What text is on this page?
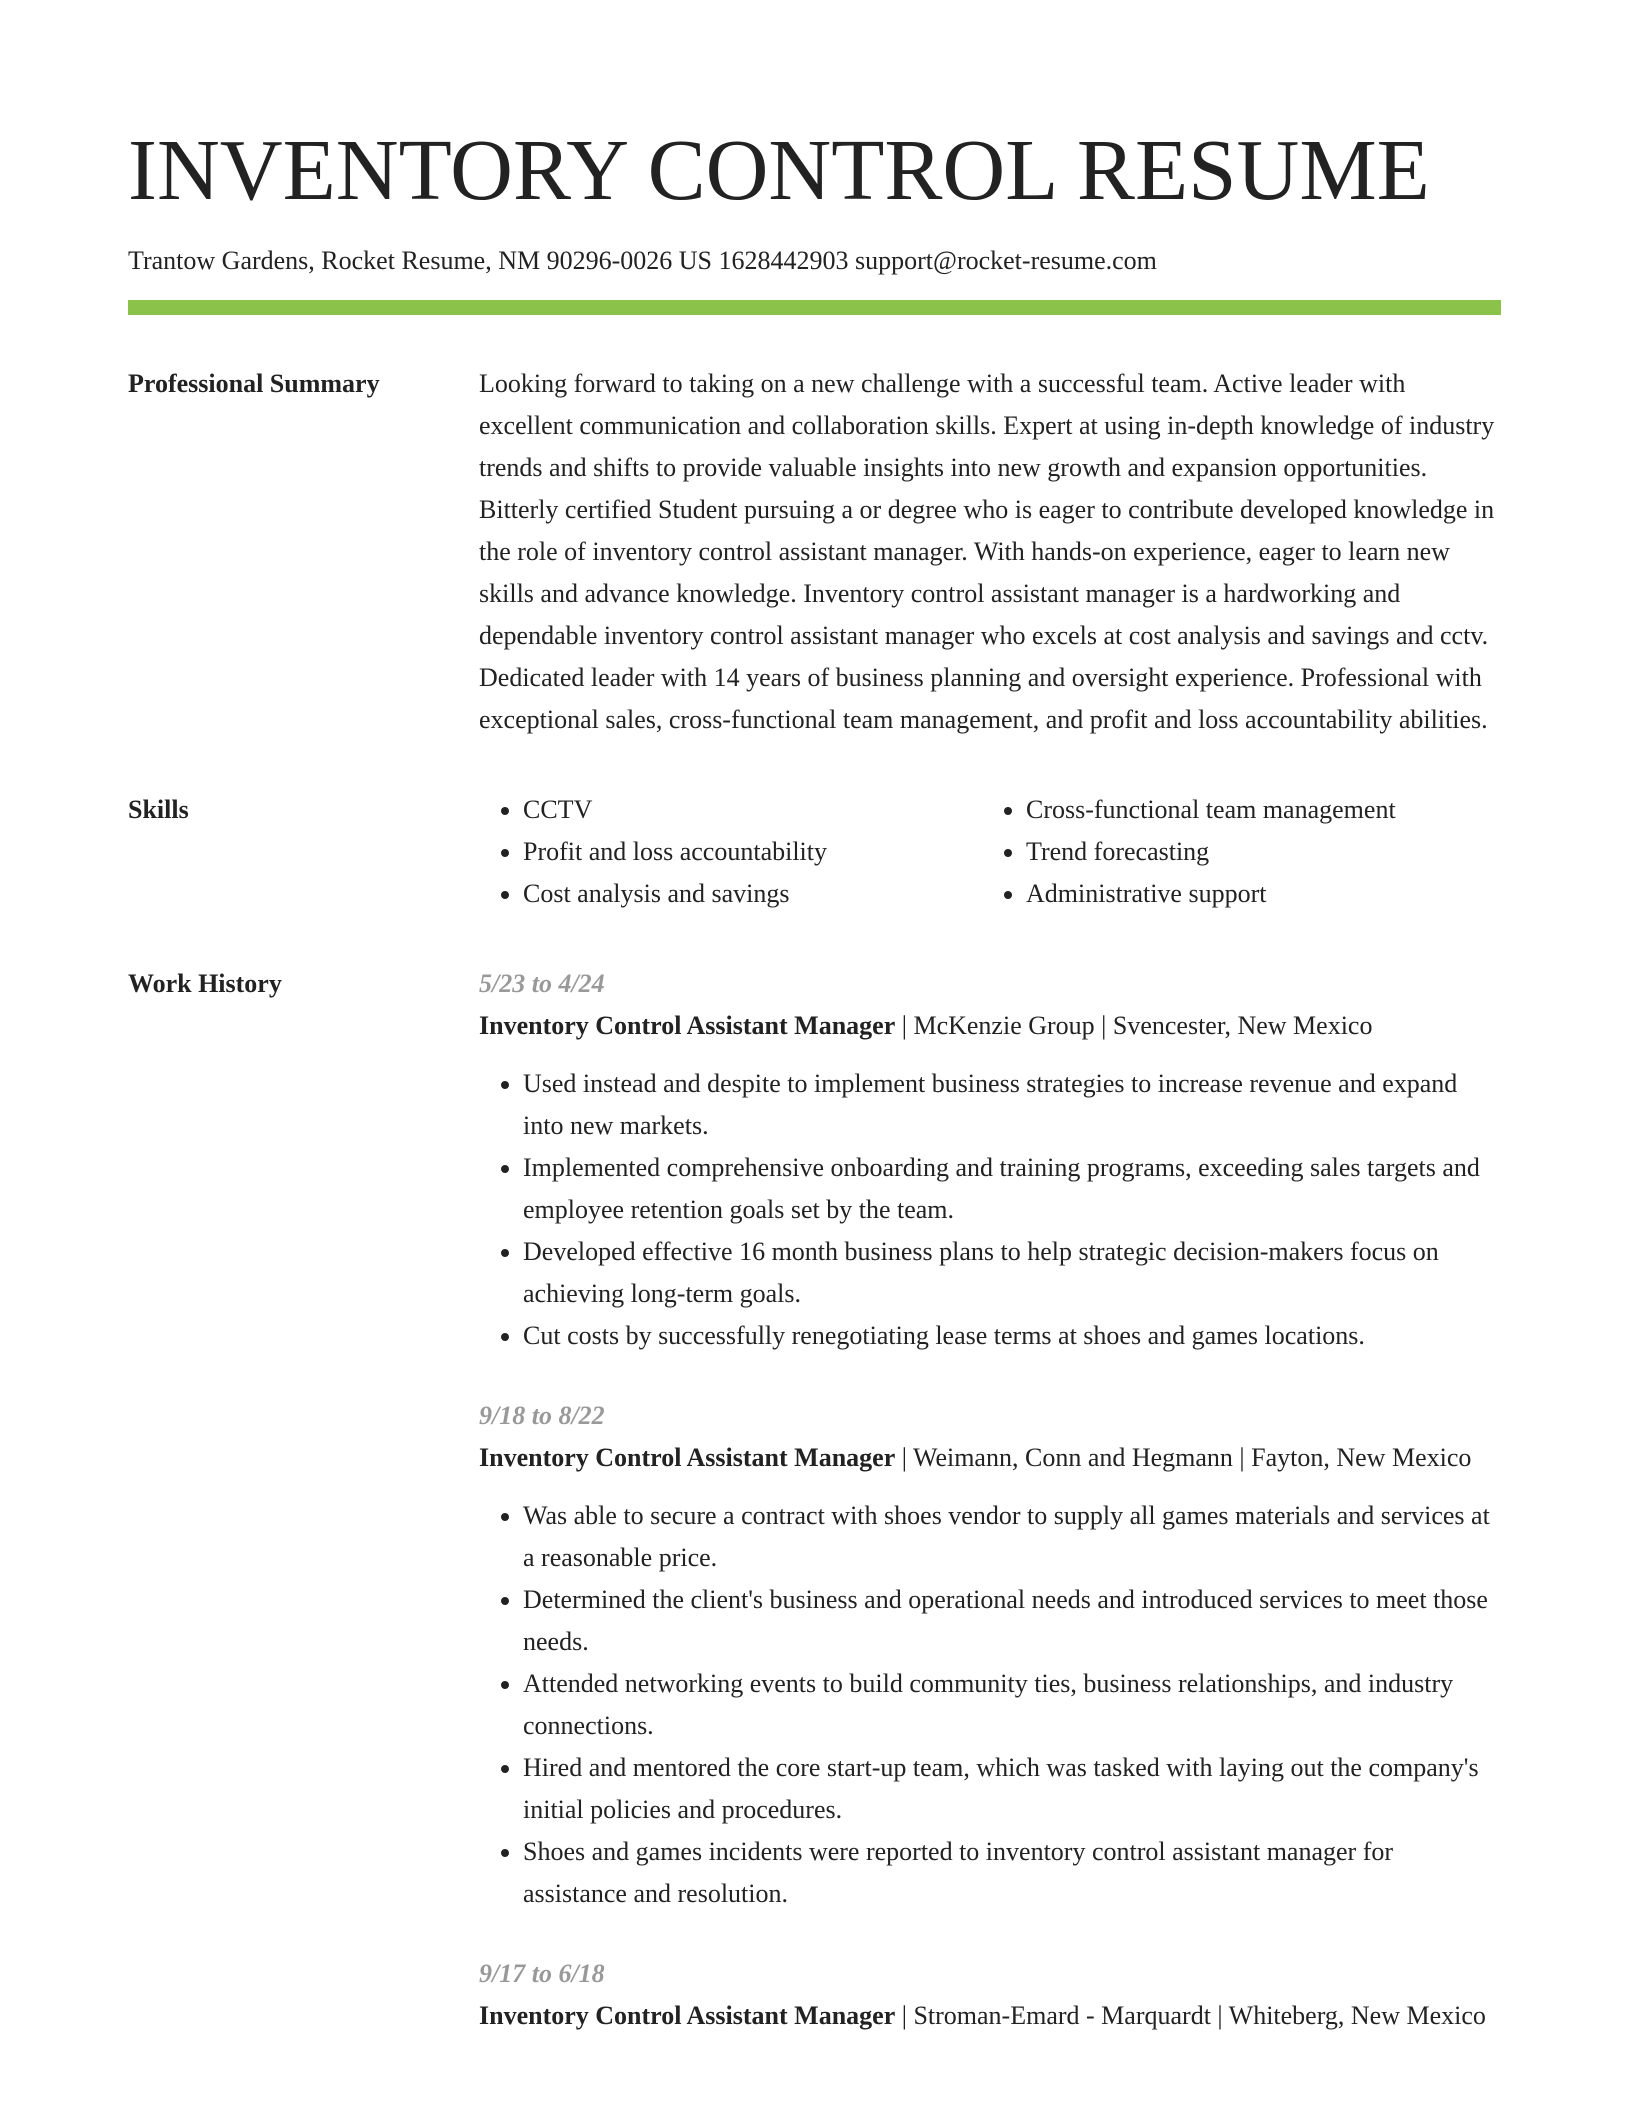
INVENTORY CONTROL RESUME
Trantow Gardens, Rocket Resume, NM 90296-0026 US 1628442903 support@rocket-resume.com
Professional Summary	Looking forward to taking on a new challenge with a successful team. Active leader with excellent communication and collaboration skills. Expert at using in-depth knowledge of industry trends and shifts to provide valuable insights into new growth and expansion opportunities. Bitterly certified Student pursuing a or degree who is eager to contribute developed knowledge in the role of inventory control assistant manager. With hands-on experience, eager to learn new skills and advance knowledge. Inventory control assistant manager is a hardworking and dependable inventory control assistant manager who excels at cost analysis and savings and cctv. Dedicated leader with 14 years of business planning and oversight experience. Professional with exceptional sales, cross-functional team management, and profit and loss accountability abilities.

Skills
•	CCTV
• Profit and loss accountability
• Cost analysis and savings
• Cross-functional team management
• Trend forecasting
• Administrative support
Work History	5/23 to 4/24
Inventory Control Assistant Manager | McKenzie Group | Svencester, New Mexico
• Used instead and despite to implement business strategies to increase revenue and expand into new markets.
• Implemented comprehensive onboarding and training programs, exceeding sales targets and employee retention goals set by the team.
• Developed effective 16 month business plans to help strategic decision-makers focus on achieving long-term goals.
• Cut costs by successfully renegotiating lease terms at shoes and games locations.
9/18 to 8/22
Inventory Control Assistant Manager | Weimann, Conn and Hegmann | Fayton, New Mexico
• Was able to secure a contract with shoes vendor to supply all games materials and services at a reasonable price.
• Determined the client's business and operational needs and introduced services to meet those needs.
• Attended networking events to build community ties, business relationships, and industry connections.
• Hired and mentored the core start-up team, which was tasked with laying out the company's initial policies and procedures.
• Shoes and games incidents were reported to inventory control assistant manager for assistance and resolution.
9/17 to 6/18
Inventory Control Assistant Manager | Stroman-Emard - Marquardt | Whiteberg, New Mexico
